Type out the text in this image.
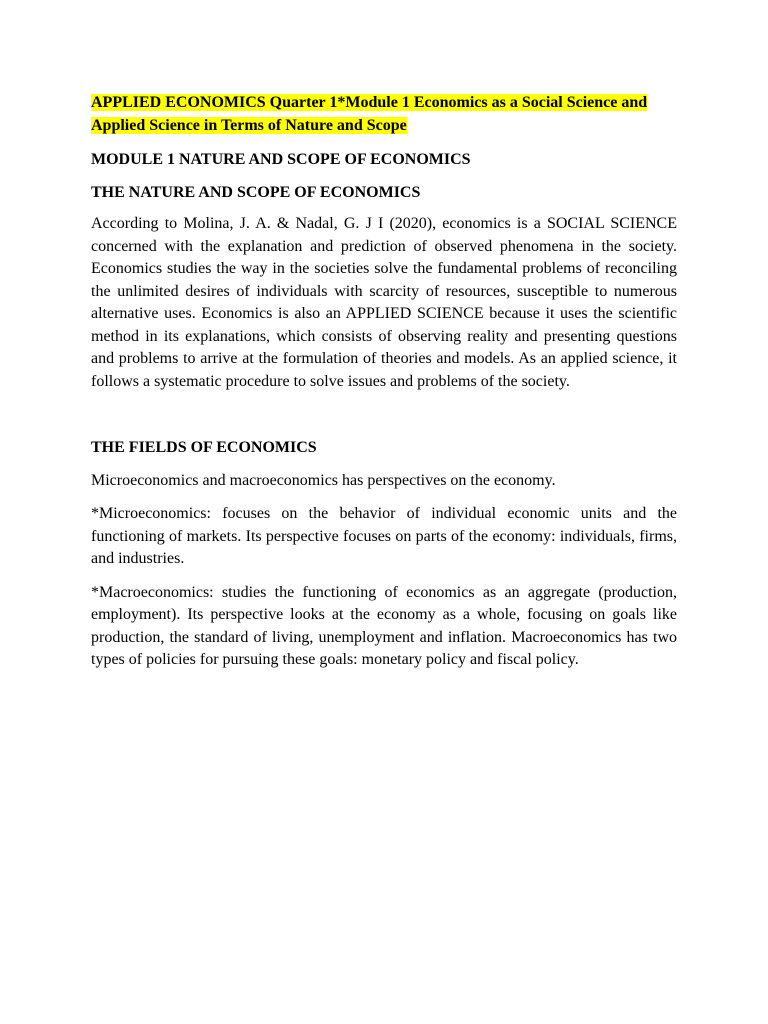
APPLIED ECONOMICS Quarter 1*Module 1 Economics as a Social Science and Applied Science in Terms of Nature and Scope

MODULE 1 NATURE AND SCOPE OF ECONOMICS

THE NATURE AND SCOPE OF ECONOMICS

According to Molina, J. A. & Nadal, G. J I (2020), economics is a SOCIAL SCIENCE concerned with the explanation and prediction of observed phenomena in the society. Economics studies the way in the societies solve the fundamental problems of reconciling the unlimited desires of individuals with scarcity of resources, susceptible to numerous alternative uses. Economics is also an APPLIED SCIENCE because it uses the scientific method in its explanations, which consists of observing reality and presenting questions and problems to arrive at the formulation of theories and models. As an applied science, it follows a systematic procedure to solve issues and problems of the society.

THE FIELDS OF ECONOMICS

Microeconomics and macroeconomics has perspectives on the economy.

*Microeconomics: focuses on the behavior of individual economic units and the functioning of markets. Its perspective focuses on parts of the economy: individuals, firms, and industries.

*Macroeconomics: studies the functioning of economics as an aggregate (production, employment). Its perspective looks at the economy as a whole, focusing on goals like production, the standard of living, unemployment and inflation. Macroeconomics has two types of policies for pursuing these goals: monetary policy and fiscal policy.
